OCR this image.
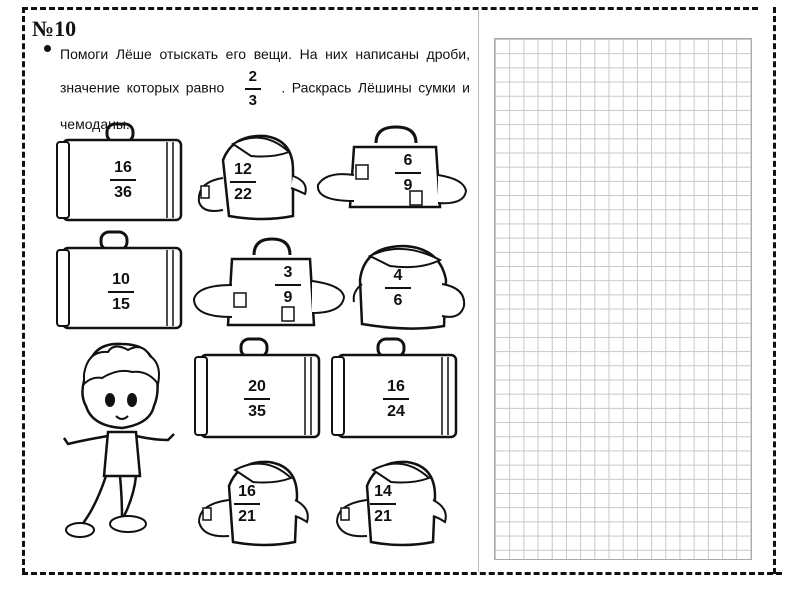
№10
Помоги Лёше отыскать его вещи. На них написаны дроби, значение которых равно $\frac{2}{3}$ . Раскрась Лёшины сумки и чемоданы.
16
36
12
22
6
9
10
15
3
9
4
6
20
35
16
24
16
21
14
21
